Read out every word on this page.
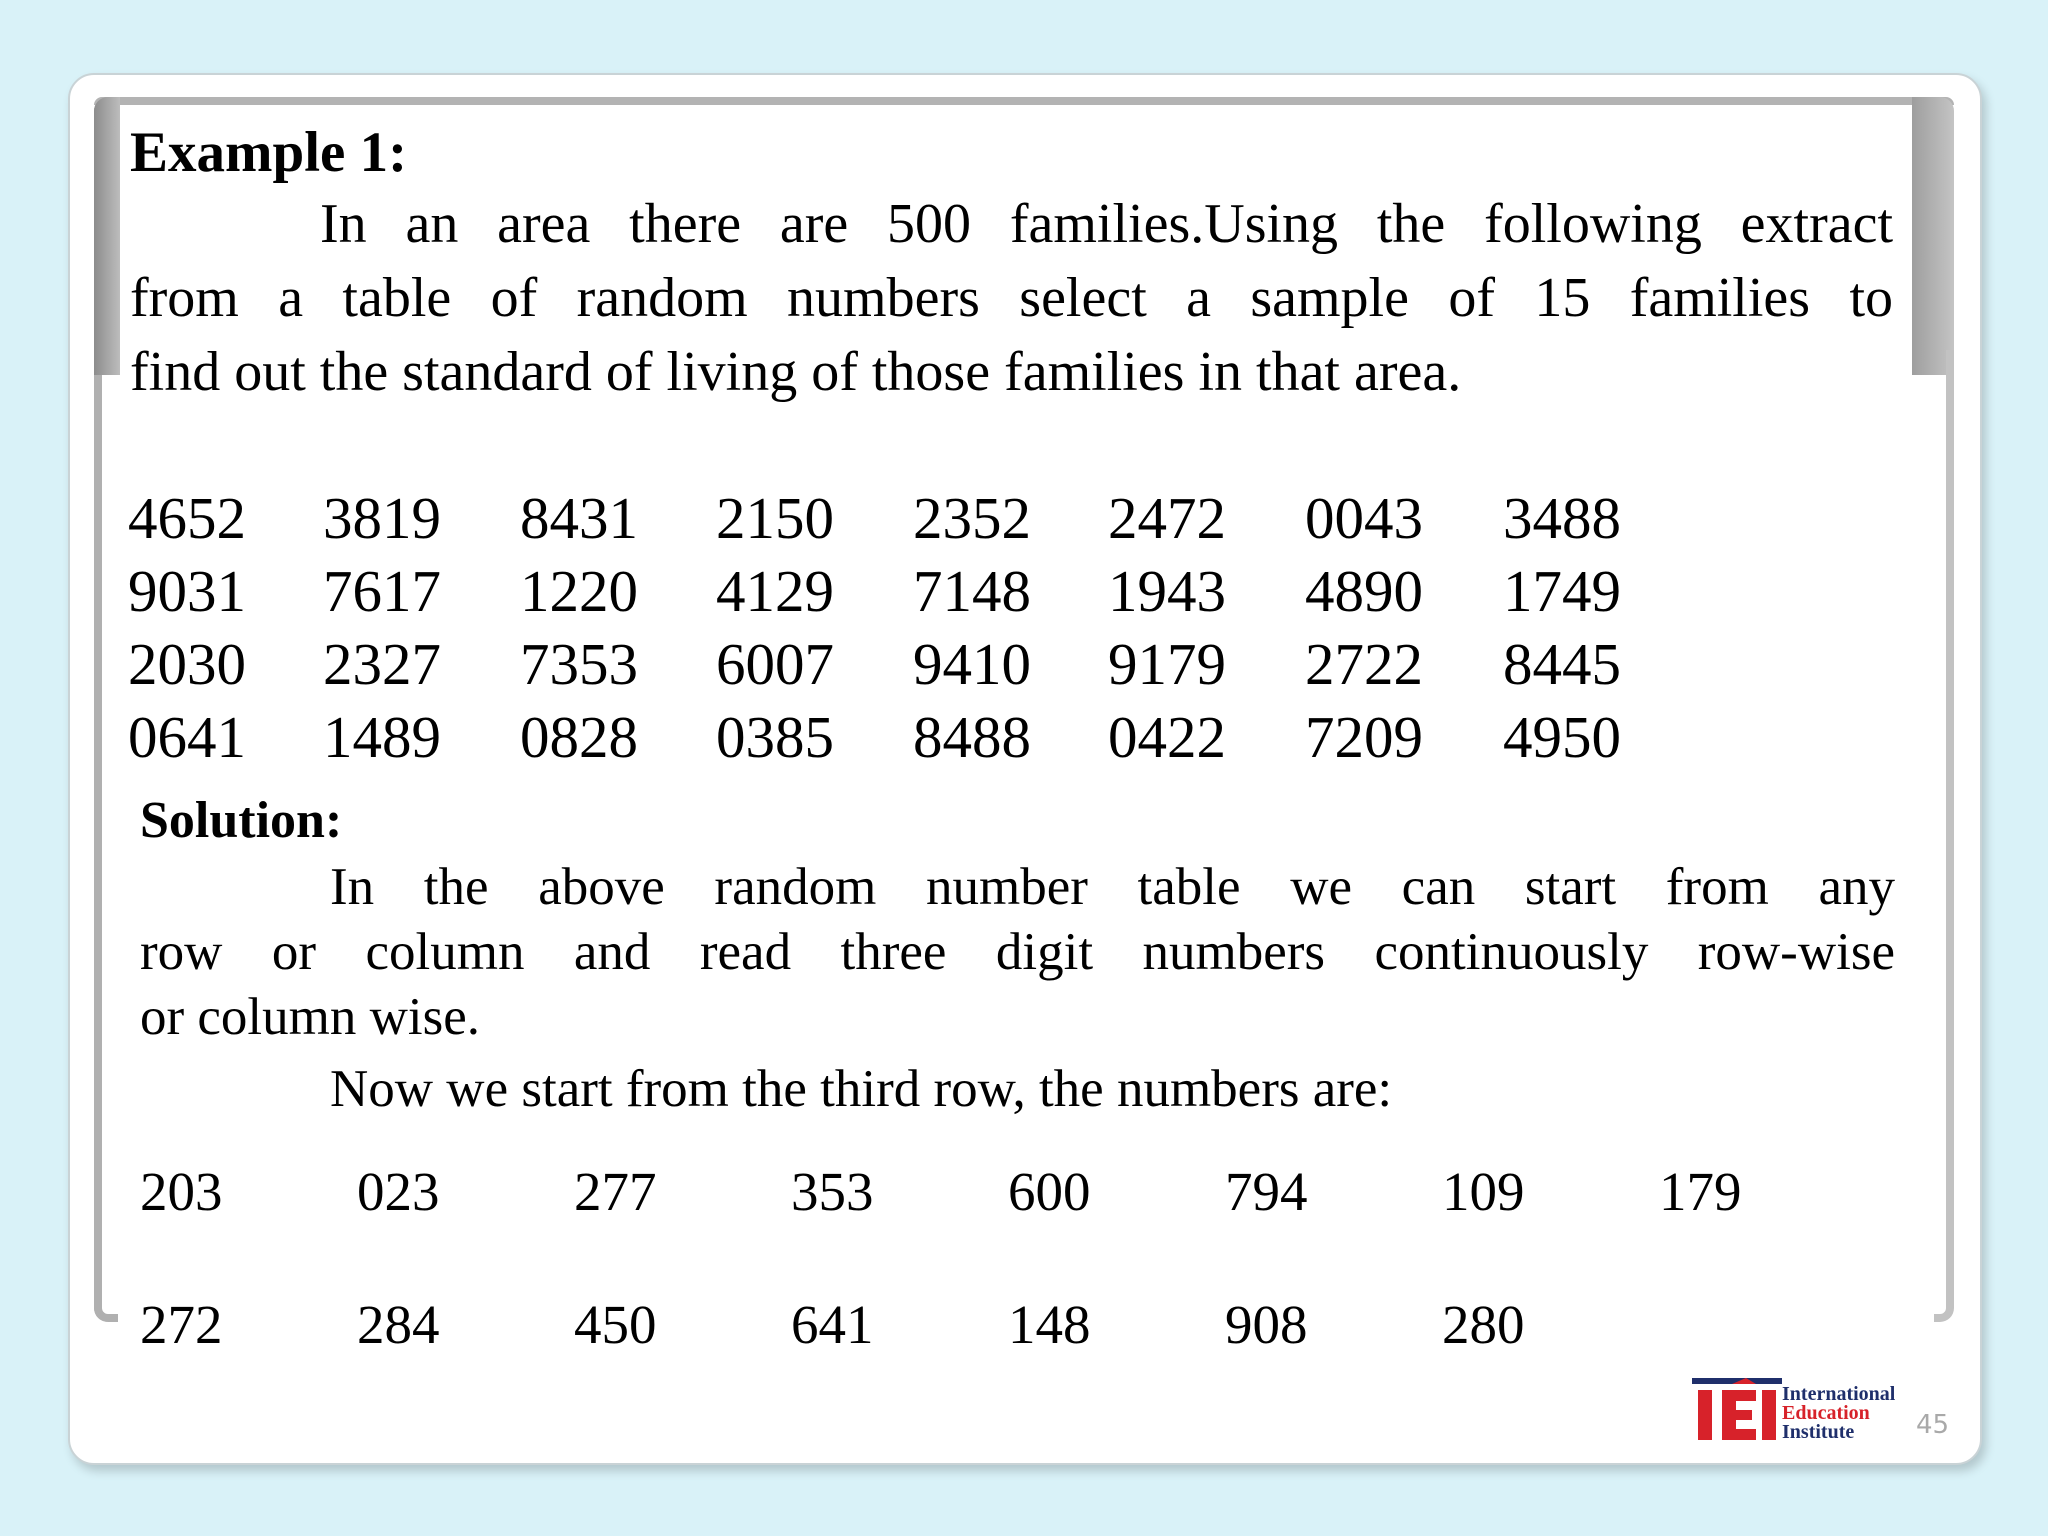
Example 1:
In an area there are 500 families.Using the following extract
from a table of random numbers select a sample of 15 families to
find out the standard of living of those families in that area.
4652 3819 8431 2150 2352 2472 0043 3488
9031 7617 1220 4129 7148 1943 4890 1749
2030 2327 7353 6007 9410 9179 2722 8445
0641 1489 0828 0385 8488 0422 7209 4950
Solution:
In the above random number table we can start from any
row or column and read three digit numbers continuously row-wise
or column wise.
Now we start from the third row, the numbers are:
203 023 277 353 600 794 109 179
272 284 450 641 148 908 280
International
Education
Institute	45
